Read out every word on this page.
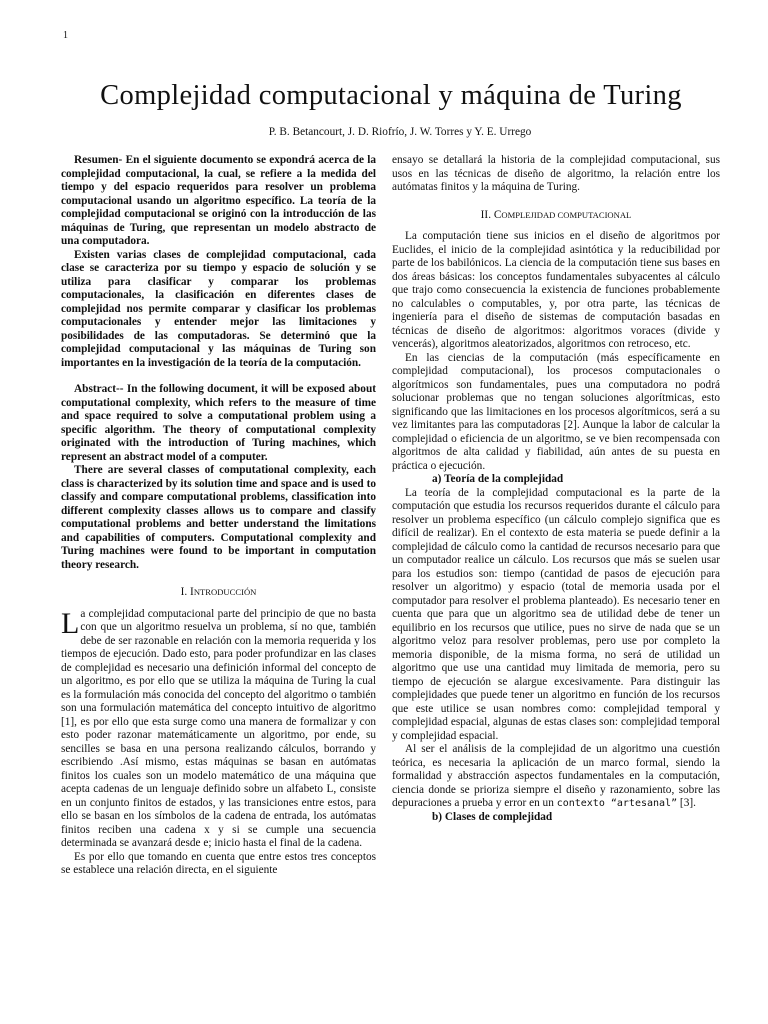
1
Complejidad computacional y máquina de Turing
P. B. Betancourt, J. D. Riofrío, J. W. Torres y Y. E. Urrego

Resumen- En el siguiente documento se expondrá acerca de la complejidad computacional, la cual, se refiere a la medida del tiempo y del espacio requeridos para resolver un problema computacional usando un algoritmo específico. La teoría de la complejidad computacional se originó con la introducción de las máquinas de Turing, que representan un modelo abstracto de una computadora.

Existen varias clases de complejidad computacional, cada clase se caracteriza por su tiempo y espacio de solución y se utiliza para clasificar y comparar los problemas computacionales, la clasificación en diferentes clases de complejidad nos permite comparar y clasificar los problemas computacionales y entender mejor las limitaciones y posibilidades de las computadoras. Se determinó que la complejidad computacional y las máquinas de Turing son importantes en la investigación de la teoría de la computación.

Abstract-- In the following document, it will be exposed about computational complexity, which refers to the measure of time and space required to solve a computational problem using a specific algorithm. The theory of computational complexity originated with the introduction of Turing machines, which represent an abstract model of a computer.

There are several classes of computational complexity, each class is characterized by its solution time and space and is used to classify and compare computational problems, classification into different complexity classes allows us to compare and classify computational problems and better understand the limitations and capabilities of computers. Computational complexity and Turing machines were found to be important in computation theory research.

I. INTRODUCCIÓN

La complejidad computacional parte del principio de que no basta con que un algoritmo resuelva un problema, sí no que, también debe de ser razonable en relación con la memoria requerida y los tiempos de ejecución. Dado esto, para poder profundizar en las clases de complejidad es necesario una definición informal del concepto de un algoritmo, es por ello que se utiliza la máquina de Turing la cual es la formulación más conocida del concepto del algoritmo o también son una formulación matemática del concepto intuitivo de algoritmo [1], es por ello que esta surge como una manera de formalizar y con esto poder razonar matemáticamente un algoritmo, por ende, su sencilles se basa en una persona realizando cálculos, borrando y escribiendo .Así mismo, estas máquinas se basan en autómatas finitos los cuales son un modelo matemático de una máquina que acepta cadenas de un lenguaje definido sobre un alfabeto L, consiste en un conjunto finitos de estados, y las transiciones entre estos, para ello se basan en los símbolos de la cadena de entrada, los autómatas finitos reciben una cadena x y si se cumple una secuencia determinada se avanzará desde e; inicio hasta el final de la cadena.

Es por ello que tomando en cuenta que entre estos tres conceptos se establece una relación directa, en el siguiente

ensayo se detallará la historia de la complejidad computacional, sus usos en las técnicas de diseño de algoritmo, la relación entre los autómatas finitos y la máquina de Turing.

II. COMPLEJIDAD COMPUTACIONAL

La computación tiene sus inicios en el diseño de algoritmos por Euclides, el inicio de la complejidad asintótica y la reducibilidad por parte de los babilónicos. La ciencia de la computación tiene sus bases en dos áreas básicas: los conceptos fundamentales subyacentes al cálculo que trajo como consecuencia la existencia de funciones probablemente no calculables o computables, y, por otra parte, las técnicas de ingeniería para el diseño de sistemas de computación basadas en técnicas de diseño de algoritmos: algoritmos voraces (divide y vencerás), algoritmos aleatorizados, algoritmos con retroceso, etc.

En las ciencias de la computación (más específicamente en complejidad computacional), los procesos computacionales o algorítmicos son fundamentales, pues una computadora no podrá solucionar problemas que no tengan soluciones algorítmicas, esto significando que las limitaciones en los procesos algorítmicos, será a su vez limitantes para las computadoras [2]. Aunque la labor de calcular la complejidad o eficiencia de un algoritmo, se ve bien recompensada con algoritmos de alta calidad y fiabilidad, aún antes de su puesta en práctica o ejecución.

a) Teoría de la complejidad

La teoría de la complejidad computacional es la parte de la computación que estudia los recursos requeridos durante el cálculo para resolver un problema específico (un cálculo complejo significa que es difícil de realizar). En el contexto de esta materia se puede definir a la complejidad de cálculo como la cantidad de recursos necesario para que un computador realice un cálculo. Los recursos que más se suelen usar para los estudios son: tiempo (cantidad de pasos de ejecución para resolver un algoritmo) y espacio (total de memoria usada por el computador para resolver el problema planteado). Es necesario tener en cuenta que para que un algoritmo sea de utilidad debe de tener un equilibrio en los recursos que utilice, pues no sirve de nada que se un algoritmo veloz para resolver problemas, pero use por completo la memoria disponible, de la misma forma, no será de utilidad un algoritmo que use una cantidad muy limitada de memoria, pero su tiempo de ejecución se alargue excesivamente. Para distinguir las complejidades que puede tener un algoritmo en función de los recursos que este utilice se usan nombres como: complejidad temporal y complejidad espacial, algunas de estas clases son: complejidad temporal y complejidad espacial.

Al ser el análisis de la complejidad de un algoritmo una cuestión teórica, es necesaria la aplicación de un marco formal, siendo la formalidad y abstracción aspectos fundamentales en la computación, ciencia donde se prioriza siempre el diseño y razonamiento, sobre las depuraciones a prueba y error en un contexto “artesanal” [3].

b) Clases de complejidad
